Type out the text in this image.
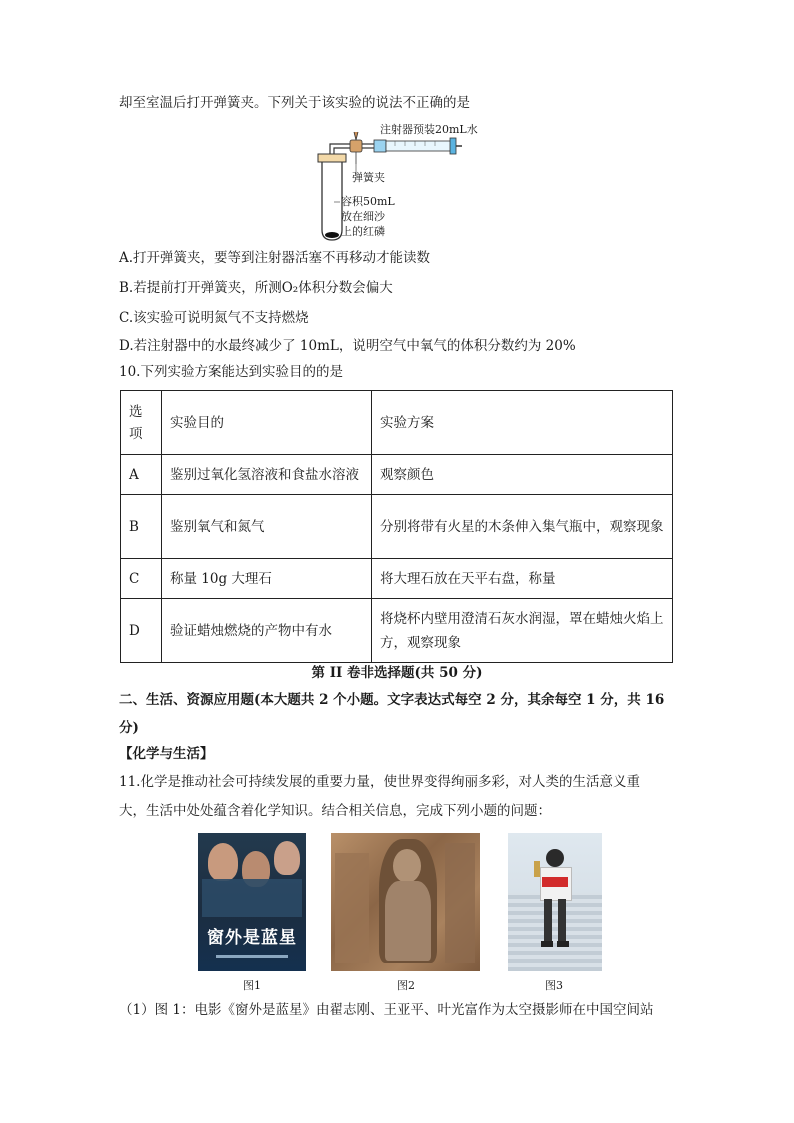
却至室温后打开弹簧夹。下列关于该实验的说法不正确的是
注射器预装20mL水
弹簧夹
容积50mL
放在细沙
上的红磷
A.打开弹簧夹，要等到注射器活塞不再移动才能读数
B.若提前打开弹簧夹，所测O₂体积分数会偏大
C.该实验可说明氮气不支持燃烧
D.若注射器中的水最终减少了 10mL，说明空气中氧气的体积分数约为 20%
10.下列实验方案能达到实验目的的是
选项	实验目的	实验方案
A	鉴别过氧化氢溶液和食盐水溶液	观察颜色
B	鉴别氧气和氮气	分别将带有火星的木条伸入集气瓶中，观察现象
C	称量 10g 大理石	将大理石放在天平右盘，称量
D	验证蜡烛燃烧的产物中有水	将烧杯内壁用澄清石灰水润湿，罩在蜡烛火焰上方，观察现象
第 II 卷非选择题(共 50 分)
二、生活、资源应用题(本大题共 2 个小题。文字表达式每空 2 分，其余每空 1 分，共 16
分)
【化学与生活】
11.化学是推动社会可持续发展的重要力量，使世界变得绚丽多彩，对人类的生活意义重
大，生活中处处蕴含着化学知识。结合相关信息，完成下列小题的问题：
窗外是蓝星
图1	图2	图3
（1）图 1：电影《窗外是蓝星》由翟志刚、王亚平、叶光富作为太空摄影师在中国空间站
